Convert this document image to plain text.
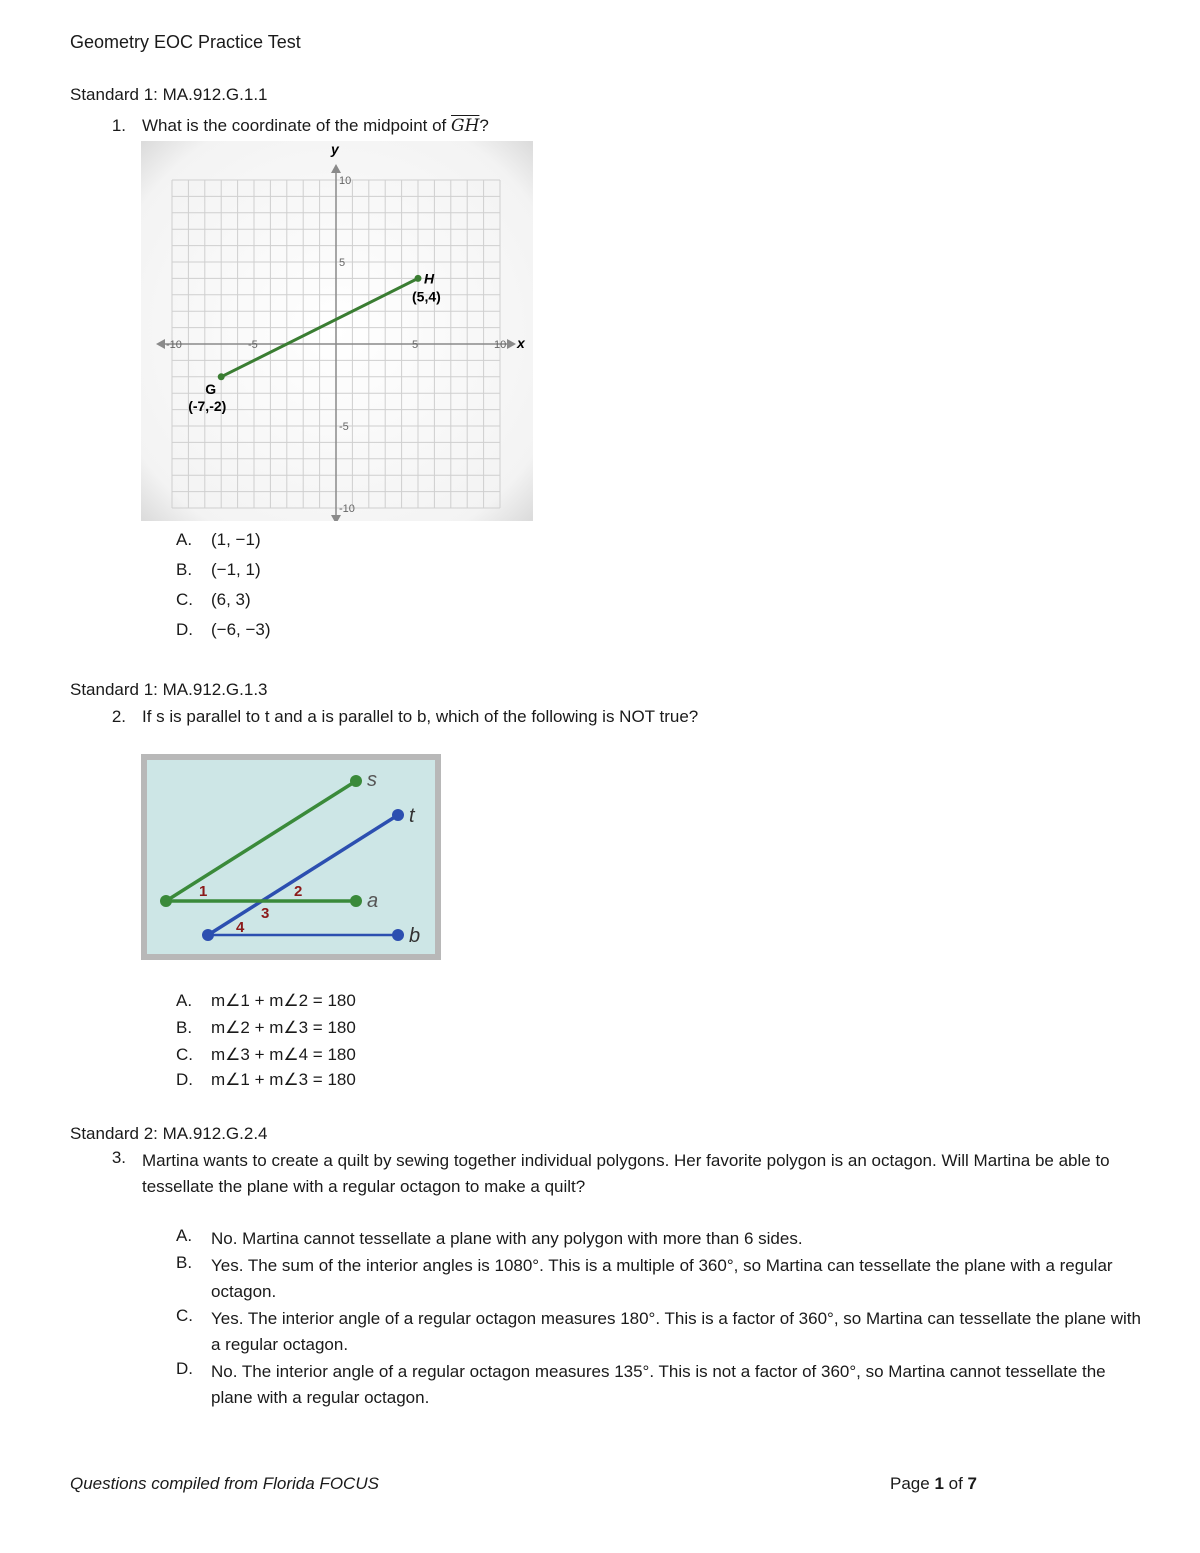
Geometry EOC Practice Test
Standard 1: MA.912.G.1.1
1. What is the coordinate of the midpoint of $\overline{GH}$?
-10	-5	5	10
10
5
-5
-10
G
(-7,-2)
H
(5,4)
x
y
A. (1, −1)
B. (−1, 1)
C. (6, 3)
D. (−6, −3)
Standard 1: MA.912.G.1.3
2. If s is parallel to t and a is parallel to b, which of the following is NOT true?
s
t
a
b
1	2
3
4
A. m∠1 + m∠2 = 180
B. m∠2 + m∠3 = 180
C. m∠3 + m∠4 = 180
D. m∠1 + m∠3 = 180
Standard 2: MA.912.G.2.4
3. Martina wants to create a quilt by sewing together individual polygons. Her favorite polygon is an octagon. Will Martina be able to tessellate the plane with a regular octagon to make a quilt?
A. No. Martina cannot tessellate a plane with any polygon with more than 6 sides.
B. Yes. The sum of the interior angles is 1080°. This is a multiple of 360°, so Martina can tessellate the plane with a regular octagon.
C. Yes. The interior angle of a regular octagon measures 180°. This is a factor of 360°, so Martina can tessellate the plane with a regular octagon.
D. No. The interior angle of a regular octagon measures 135°. This is not a factor of 360°, so Martina cannot tessellate the plane with a regular octagon.
Questions compiled from Florida FOCUS	Page 1 of 7
